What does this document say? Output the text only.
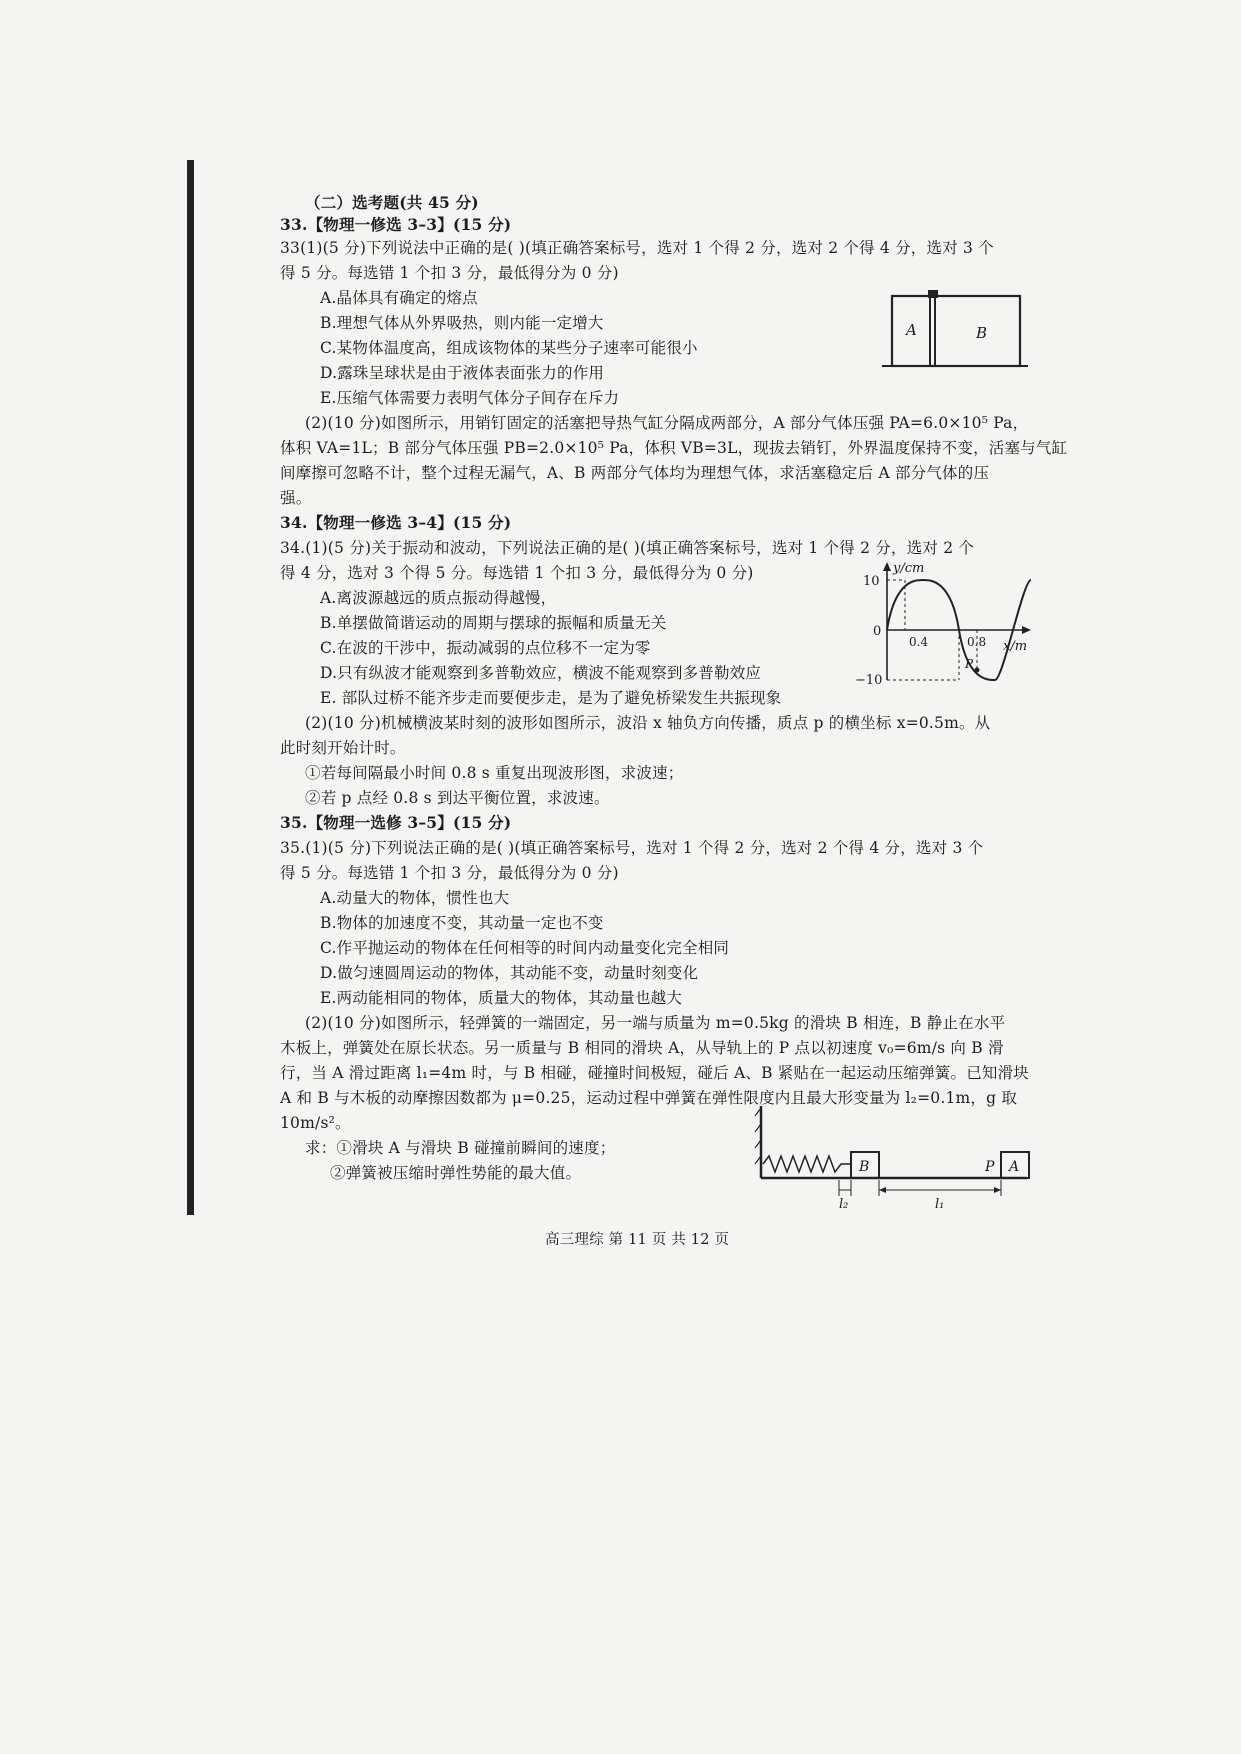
（二）选考题(共 45 分)
33.【物理一修选 3–3】(15 分)
33(1)(5 分)下列说法中正确的是( )(填正确答案标号，选对 1 个得 2 分，选对 2 个得 4 分，选对 3 个
得 5 分。每选错 1 个扣 3 分，最低得分为 0 分)
A.晶体具有确定的熔点
B.理想气体从外界吸热，则内能一定增大
C.某物体温度高，组成该物体的某些分子速率可能很小
D.露珠呈球状是由于液体表面张力的作用
E.压缩气体需要力表明气体分子间存在斥力
(2)(10 分)如图所示，用销钉固定的活塞把导热气缸分隔成两部分，A 部分气体压强 PA=6.0×10⁵ Pa，
体积 VA=1L；B 部分气体压强 PB=2.0×10⁵ Pa，体积 VB=3L，现拔去销钉，外界温度保持不变，活塞与气缸
间摩擦可忽略不计，整个过程无漏气，A、B 两部分气体均为理想气体，求活塞稳定后 A 部分气体的压
强。
A	B
34.【物理一修选 3–4】(15 分)
34.(1)(5 分)关于振动和波动，下列说法正确的是( )(填正确答案标号，选对 1 个得 2 分，选对 2 个
得 4 分，选对 3 个得 5 分。每选错 1 个扣 3 分，最低得分为 0 分)
A.离波源越远的质点振动得越慢，
B.单摆做简谐运动的周期与摆球的振幅和质量无关
C.在波的干涉中，振动减弱的点位移不一定为零
D.只有纵波才能观察到多普勒效应，横波不能观察到多普勒效应
E. 部队过桥不能齐步走而要便步走，是为了避免桥梁发生共振现象
(2)(10 分)机械横波某时刻的波形如图所示，波沿 x 轴负方向传播，质点 p 的横坐标 x=0.5m。从
此时刻开始计时。
①若每间隔最小时间 0.8 s 重复出现波形图，求波速；
②若 p 点经 0.8 s 到达平衡位置，求波速。
y/cm
x/m
10
0
−10
0.4	0.8
P
35.【物理一选修 3–5】(15 分)
35.(1)(5 分)下列说法正确的是( )(填正确答案标号，选对 1 个得 2 分，选对 2 个得 4 分，选对 3 个
得 5 分。每选错 1 个扣 3 分，最低得分为 0 分)
A.动量大的物体，惯性也大
B.物体的加速度不变，其动量一定也不变
C.作平抛运动的物体在任何相等的时间内动量变化完全相同
D.做匀速圆周运动的物体，其动能不变，动量时刻变化
E.两动能相同的物体，质量大的物体，其动量也越大
(2)(10 分)如图所示，轻弹簧的一端固定，另一端与质量为 m=0.5kg 的滑块 B 相连，B 静止在水平
木板上，弹簧处在原长状态。另一质量与 B 相同的滑块 A，从导轨上的 P 点以初速度 v₀=6m/s 向 B 滑
行，当 A 滑过距离 l₁=4m 时，与 B 相碰，碰撞时间极短，碰后 A、B 紧贴在一起运动压缩弹簧。已知滑块
A 和 B 与木板的动摩擦因数都为 μ=0.25，运动过程中弹簧在弹性限度内且最大形变量为 l₂=0.1m，g 取
10m/s²。
求：①滑块 A 与滑块 B 碰撞前瞬间的速度；
②弹簧被压缩时弹性势能的最大值。	B	A
P
l₂	l₁
高三理综 第 11 页 共 12 页
